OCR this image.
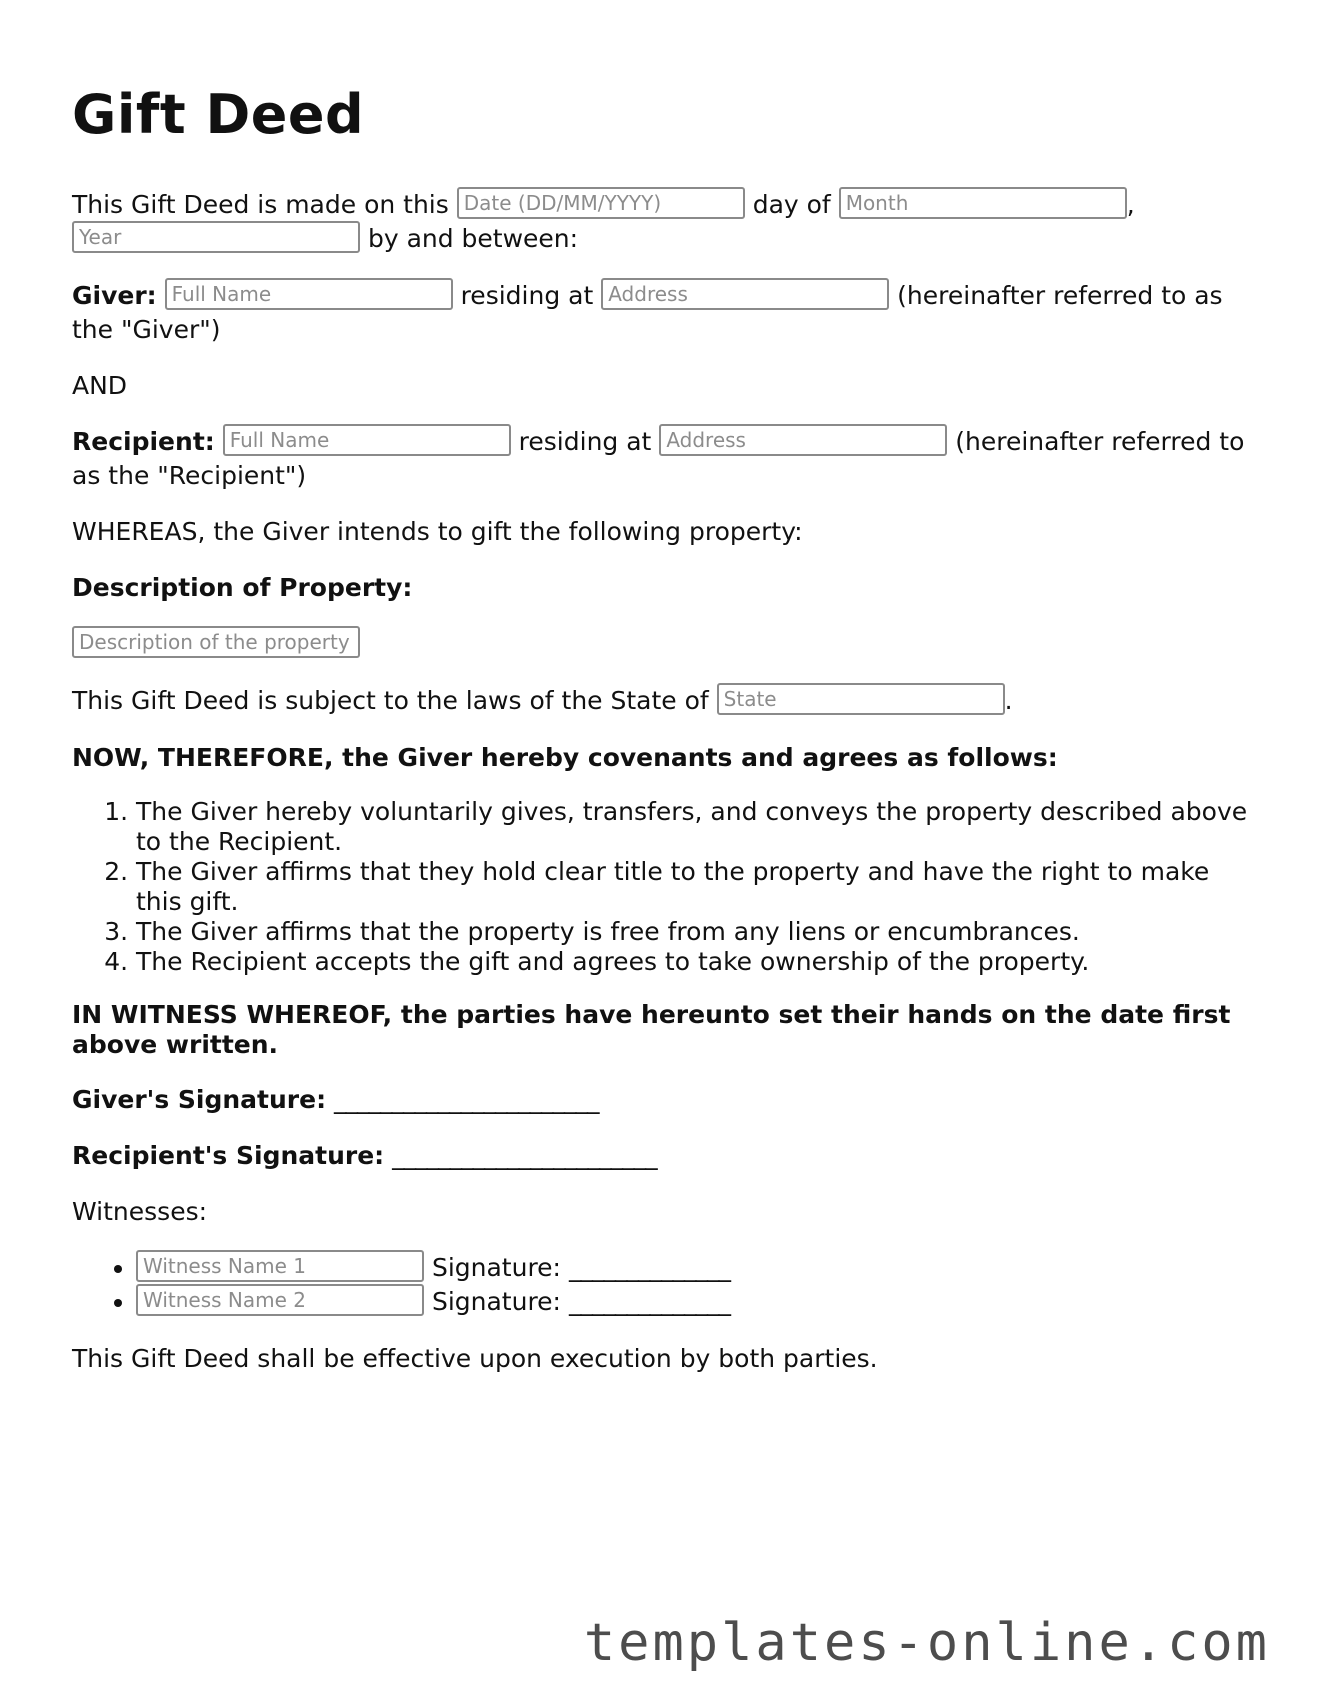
Gift Deed

This Gift Deed is made on this Date (DD/MM/YYYY)	day of Month	,
Year by and between:

Giver: Full Name	residing at Address	(hereinafter referred to as the "Giver")

AND

Recipient: Full Name	residing at Address	(hereinafter referred to as the "Recipient")

WHEREAS, the Giver intends to gift the following property:

Description of Property:

Description of the property

This Gift Deed is subject to the laws of the State of State	.

NOW, THEREFORE, the Giver hereby covenants and agrees as follows:

1. The Giver hereby voluntarily gives, transfers, and conveys the property described above to the Recipient.
2. The Giver affirms that they hold clear title to the property and have the right to make this gift.
3. The Giver affirms that the property is free from any liens or encumbrances.
4. The Recipient accepts the gift and agrees to take ownership of the property.

IN WITNESS WHEREOF, the parties have hereunto set their hands on the date first above written.

Giver's Signature: _______________________

Recipient's Signature: _______________________

Witnesses:

Witness Name 1 • Signature: ______________
Witness Name 2 • Signature: ______________

This Gift Deed shall be effective upon execution by both parties.

templates-online.com
